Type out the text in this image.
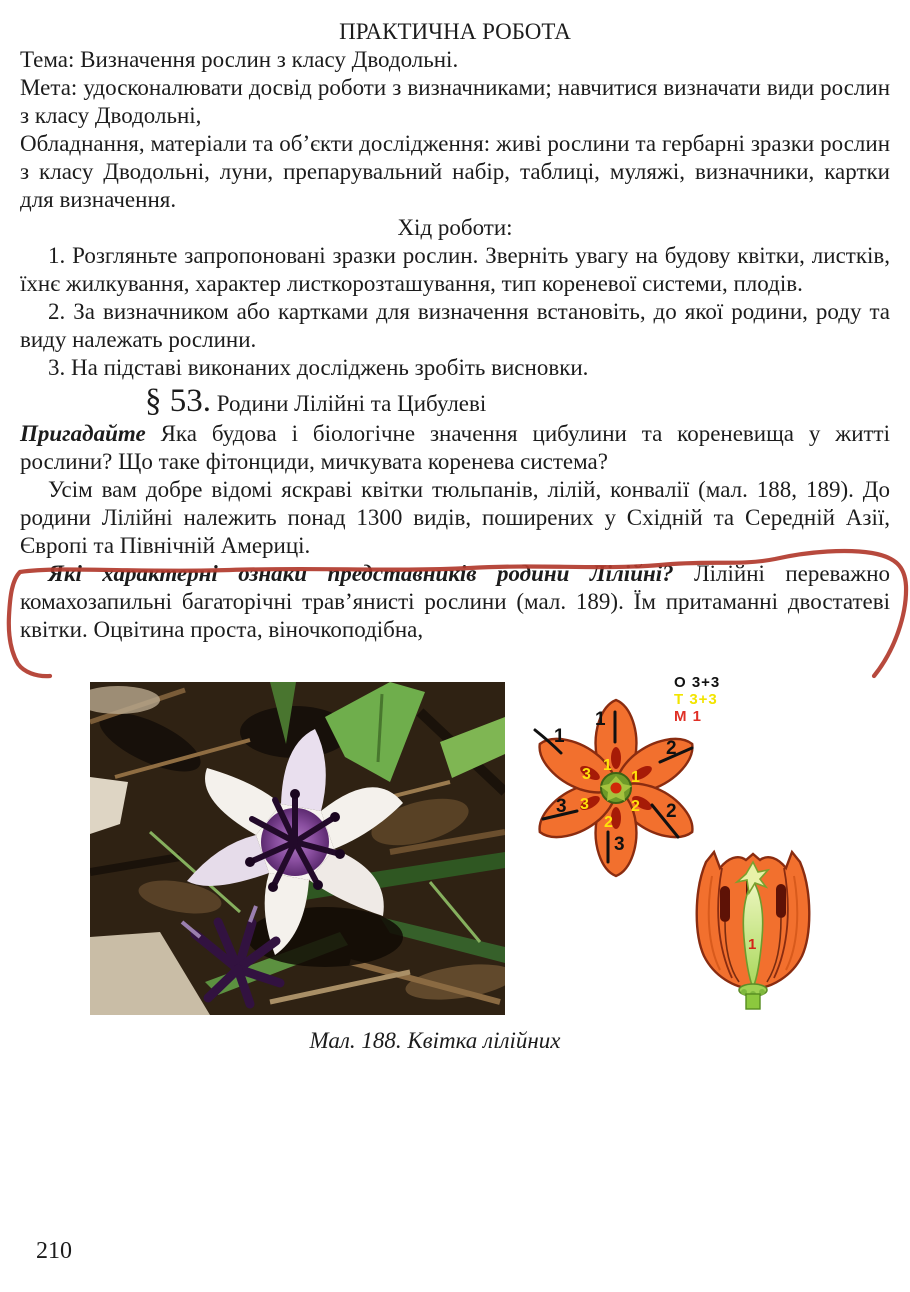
ПРАКТИЧНА РОБОТА

Тема: Визначення рослин з класу Дводольні.

Мета: удосконалювати досвід роботи з визначниками; навчитися визначати види рослин з класу Дводольні,

Обладнання, матеріали та об’єкти дослідження: живі рослини та гербарні зразки рослин з класу Дводольні, луни, препарувальний набір, таблиці, муляжі, визначники, картки для визначення.

Хід роботи:

1. Розгляньте запропоновані зразки рослин. Зверніть увагу на будову квітки, листків, їхнє жилкування, характер листкорозташування, тип кореневої системи, плодів.

2. За визначником або картками для визначення встановіть, до якої родини, роду та виду належать рослини.

3. На підставі виконаних досліджень зробіть висновки.

§ 53. Родини Лілійні та Цибулеві

Пригадайте Яка будова і біологічне значення цибулини та кореневища у житті рослини? Що таке фітонциди, мичкувата коренева система?

Усім вам добре відомі яскраві квітки тюльпанів, лілій, конвалії (мал. 188, 189). До родини Лілійні належить понад 1300 видів, поширених у Східній та Середній Азії, Європі та Північній Америці.

Які характерні ознаки представників родини Лілійні? Лілійні переважно комахозапильні багаторічні трав’янисті рослини (мал. 189). Їм притаманні двостатеві квітки. Оцвітина проста, віночкоподібна,

О 3+3
Т 3+3
М 1
1
1
2
3	2
3
1
3	1
3	2
2
1
Мал. 188. Квітка лілійних
210
